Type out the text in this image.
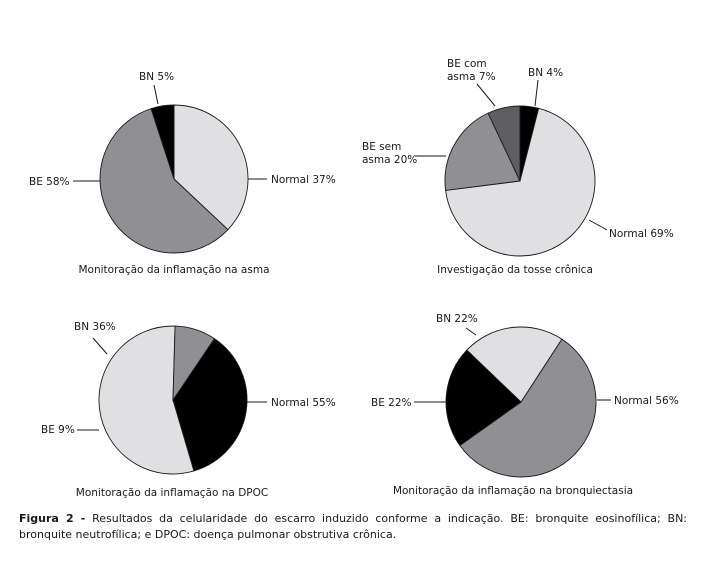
Normal 37%
BE 58%
BN 5%
Monitoração da inflamação na asma
BN 4%
Normal 69%
BE sem asma 20%
BE com asma 7%
Investigação da tosse crônica
BN 36%
Normal 55%
BE 9%
Monitoração da inflamação na DPOC
Normal 56%
BE 22%
BN 22%
Monitoração da inflamação na bronquiectasia
Figura 2 - Resultados da celularidade do escarro induzido conforme a indicação. BE: bronquite eosinofílica; BN: bronquite neutrofílica; e DPOC: doença pulmonar obstrutiva crônica.
